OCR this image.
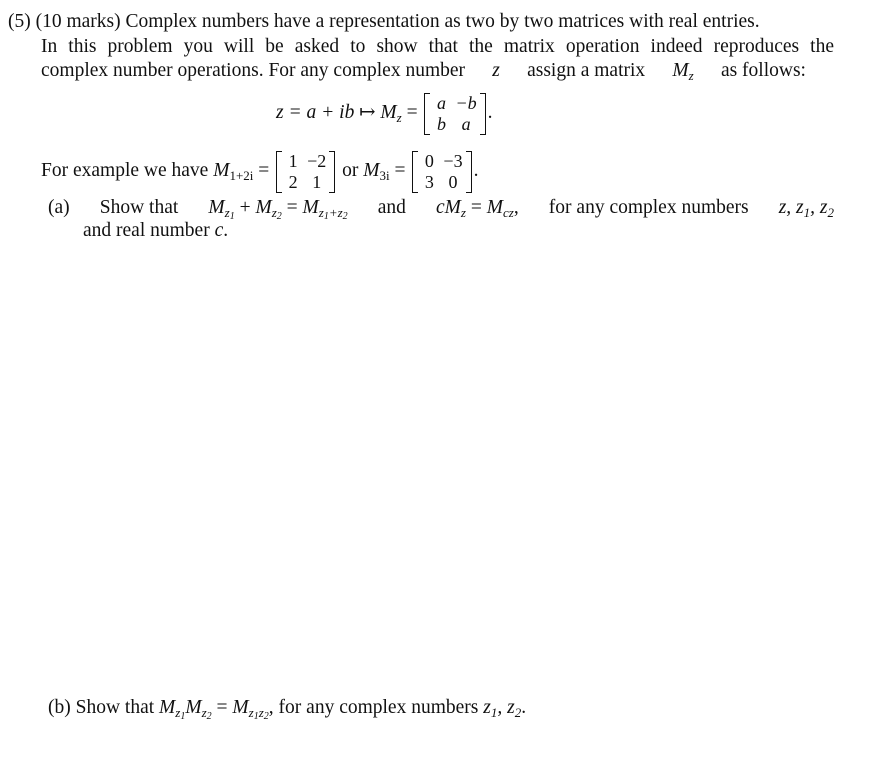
(5) (10 marks) Complex numbers have a representation as two by two matrices with real entries.
In this problem you will be asked to show that the matrix operation indeed reproduces the
complex number operations. For any complex number z assign a matrix $M_z$ as follows:
z = a + ib ↦ $M_z = a$	−b
b	a
.
For example we have $M_{1+2i} = 1$	−2
2	1
or $M_{3i} = 0$	−3
3	0
.
(a) Show that $M_{z1} + M_{z2} = M_{z1+z2}$ and $cM_z = M_{cz}$, for any complex numbers z, $z_1$, $z_2$
and real number c.
(b) Show that $M_{z1}M_{z2} = M_{z1z2}$, for any complex numbers $z_1$, $z_2$.
